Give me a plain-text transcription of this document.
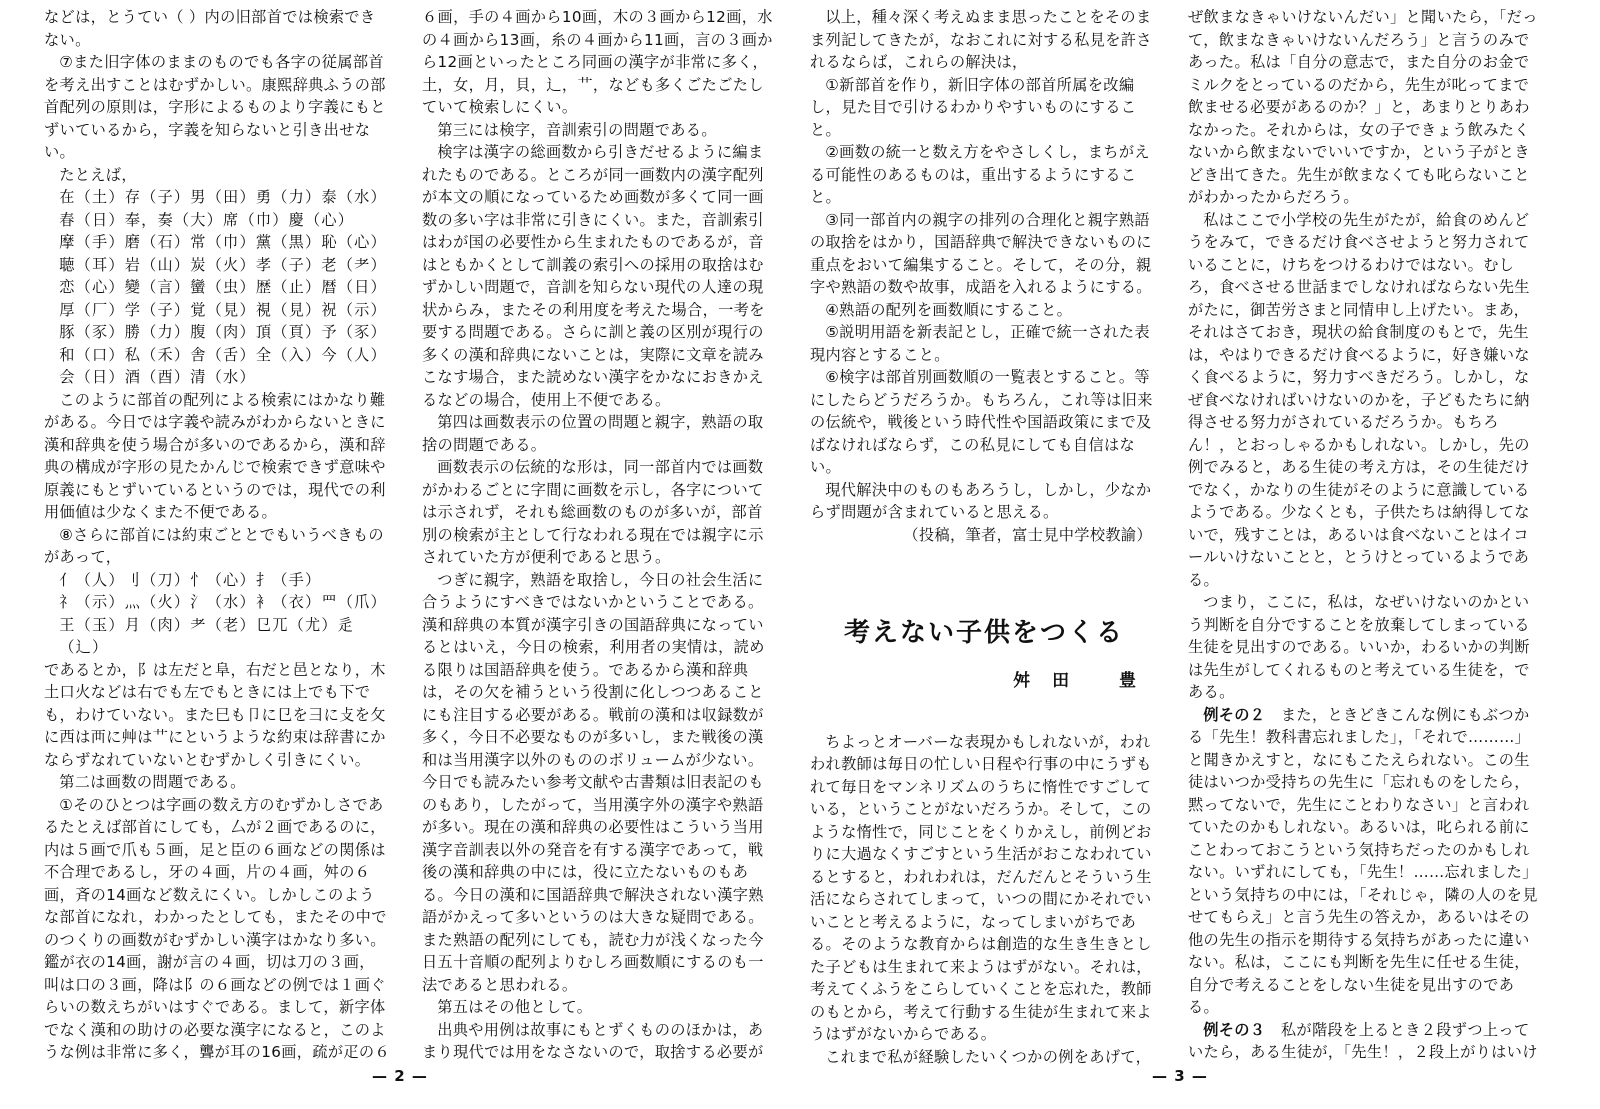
などは，とうてい（ ）内の旧部首では検索できない。

⑦また旧字体のままのものでも各字の従属部首を考え出すことはむずかしい。康熙辞典ふうの部首配列の原則は，字形によるものより字義にもとずいているから，字義を知らないと引き出せない。

たとえば，

在（土）存（子）男（田）勇（力）泰（水）

春（日）奉，奏（大）席（巾）慶（心）

摩（手）磨（石）常（巾）黨（黒）恥（心）

聴（耳）岩（山）炭（火）孝（子）老（耂）

恋（心）變（言）蠻（虫）歴（止）暦（日）

厚（厂）学（子）覚（見）視（見）祝（示）

豚（豕）勝（力）腹（肉）頂（頁）予（豕）

和（口）私（禾）舎（舌）全（入）今（人）

会（日）酒（酉）清（水）

このように部首の配列による検索にはかなり難がある。今日では字義や読みがわからないときに漢和辞典を使う場合が多いのであるから，漢和辞典の構成が字形の見たかんじで検索できず意味や原義にもとずいているというのでは，現代での利用価値は少なくまた不便である。

⑧さらに部首には約束ごととでもいうべきものがあって，

亻（人）刂（刀）忄（心）扌（手）

礻（示）灬（火）氵（水）衤（衣）罒（爪）

王（玉）月（肉）耂（老）㔾兀（尤）辵（辶）

であるとか，阝は左だと阜，右だと邑となり，木土口火などは右でも左でもときには上でも下でも，わけていない。また巳も卩に㔾を彐に攴を攵に西は襾に艸は艹にというような約束は辞書にかならずなれていないとむずかしく引きにくい。

第二は画数の問題である。

①そのひとつは字画の数え方のむずかしさであるたとえば部首にしても，厶が２画であるのに，内は５画で爪も５画，足と臣の６画などの関係は不合理であるし，牙の４画，片の４画，舛の６画，斉の14画など数えにくい。しかしこのような部首になれ，わかったとしても，またその中でのつくりの画数がむずかしい漢字はかなり多い。鑑が衣の14画，謝が言の４画，切は刀の３画，叫は口の３画，降は阝の６画などの例では１画ぐらいの数えちがいはすぐである。まして，新字体でなく漢和の助けの必要な漢字になると，このような例は非常に多く，聾が耳の16画，疏が疋の６

６画，手の４画から10画，木の３画から12画，水の４画から13画，糸の４画から11画，言の３画から12画といったところ同画の漢字が非常に多く，土，女，月，貝，辶，艹，なども多くごたごたしていて検索しにくい。

第三には検字，音訓索引の問題である。

検字は漢字の総画数から引きだせるように編まれたものである。ところが同一画数内の漢字配列が本文の順になっているため画数が多くて同一画数の多い字は非常に引きにくい。また，音訓索引はわが国の必要性から生まれたものであるが，音はともかくとして訓義の索引への採用の取捨はむずかしい問題で，音訓を知らない現代の人達の現状からみ，またその利用度を考えた場合，一考を要する問題である。さらに訓と義の区別が現行の多くの漢和辞典にないことは，実際に文章を読みこなす場合，また読めない漢字をかなにおきかえるなどの場合，使用上不便である。

第四は画数表示の位置の問題と親字，熟語の取捨の問題である。

画数表示の伝統的な形は，同一部首内では画数がかわるごとに字間に画数を示し，各字については示されず，それも総画数のものが多いが，部首別の検索が主として行なわれる現在では親字に示されていた方が便利であると思う。

つぎに親字，熟語を取捨し，今日の社会生活に合うようにすべきではないかということである。漢和辞典の本質が漢字引きの国語辞典になっているとはいえ，今日の検索，利用者の実情は，読める限りは国語辞典を使う。であるから漢和辞典は，その欠を補うという役割に化しつつあることにも注目する必要がある。戦前の漢和は収録数が多く，今日不必要なものが多いし，また戦後の漢和は当用漢字以外のもののボリュームが少ない。今日でも読みたい参考文献や古書類は旧表記のものもあり，したがって，当用漢字外の漢字や熟語が多い。現在の漢和辞典の必要性はこういう当用漢字音訓表以外の発音を有する漢字であって，戦後の漢和辞典の中には，役に立たないものもある。今日の漢和に国語辞典で解決されない漢字熟語がかえって多いというのは大きな疑問である。また熟語の配列にしても，読む力が浅くなった今日五十音順の配列よりむしろ画数順にするのも一法であると思われる。

第五はその他として。

出典や用例は故事にもとずくもののほかは，あまり現代では用をなさないので，取捨する必要が

— 2 —

以上，種々深く考えぬまま思ったことをそのまま列記してきたが，なおこれに対する私見を許されるならば，これらの解決は，

①新部首を作り，新旧字体の部首所属を改編し，見た目で引けるわかりやすいものにすること。

②画数の統一と数え方をやさしくし，まちがえる可能性のあるものは，重出するようにすること。

③同一部首内の親字の排列の合理化と親字熟語の取捨をはかり，国語辞典で解決できないものに重点をおいて編集すること。そして，その分，親字や熟語の数や故事，成語を入れるようにする。

④熟語の配列を画数順にすること。

⑤説明用語を新表記とし，正確で統一された表現内容とすること。

⑥検字は部首別画数順の一覧表とすること。等にしたらどうだろうか。もちろん，これ等は旧来の伝統や，戦後という時代性や国語政策にまで及ばなければならず，この私見にしても自信はない。

現代解決中のものもあろうし，しかし，少なからず問題が含まれていると思える。

（投稿，筆者，富士見中学校教諭）

考えない子供をつくる
舛田 豊

ちよっとオーバーな表現かもしれないが，われわれ教師は毎日の忙しい日程や行事の中にうずもれて毎日をマンネリズムのうちに惰性ですごしている，ということがないだろうか。そして，このような惰性で，同じことをくりかえし，前例どおりに大過なくすごすという生活がおこなわれているとすると，われわれは，だんだんとそういう生活にならされてしまって，いつの間にかそれでいいことと考えるように，なってしまいがちである。そのような教育からは創造的な生き生きとした子どもは生まれて来ようはずがない。それは，考えてくふうをこらしていくことを忘れた，教師のもとから，考えて行動する生徒が生まれて来ようはずがないからである。

これまで私が経験したいくつかの例をあげて，

ぜ飲まなきゃいけないんだい」と聞いたら，「だって，飲まなきゃいけないんだろう」と言うのみであった。私は「自分の意志で，また自分のお金でミルクをとっているのだから，先生が叱ってまで飲ませる必要があるのか？」と，あまりとりあわなかった。それからは，女の子できょう飲みたくないから飲まないでいいですか，という子がときどき出てきた。先生が飲まなくても叱らないことがわかったからだろう。

私はここで小学校の先生がたが，給食のめんどうをみて，できるだけ食べさせようと努力されていることに，けちをつけるわけではない。むしろ，食べさせる世話までしなければならない先生がたに，御苦労さまと同情申し上げたい。まあ，それはさておき，現状の給食制度のもとで，先生は，やはりできるだけ食べるように，好き嫌いなく食べるように，努力すべきだろう。しかし，なぜ食べなければいけないのかを，子どもたちに納得させる努力がされているだろうか。もちろん！，とおっしゃるかもしれない。しかし，先の例でみると，ある生徒の考え方は，その生徒だけでなく，かなりの生徒がそのように意識しているようである。少なくとも，子供たちは納得してないで，残すことは，あるいは食べないことはイコールいけないことと，とうけとっているようである。

つまり，ここに，私は，なぜいけないのかという判断を自分ですることを放棄してしまっている生徒を見出すのである。いいか，わるいかの判断は先生がしてくれるものと考えている生徒を，である。

例その２　また，ときどきこんな例にもぶつかる「先生！教科書忘れました」，「それで………」と聞きかえすと，なにもこたえられない。この生徒はいつか受持ちの先生に「忘れものをしたら，黙ってないで，先生にことわりなさい」と言われていたのかもしれない。あるいは，叱られる前にことわっておこうという気持ちだったのかもしれない。いずれにしても，「先生！……忘れました」という気持ちの中には，「それじゃ，隣の人のを見せてもらえ」と言う先生の答えか，あるいはその他の先生の指示を期待する気持ちがあったに違いない。私は，ここにも判断を先生に任せる生徒，自分で考えることをしない生徒を見出すのである。

例その３　私が階段を上るとき２段ずつ上っていたら，ある生徒が，「先生！，２段上がりはいけ

— 3 —
